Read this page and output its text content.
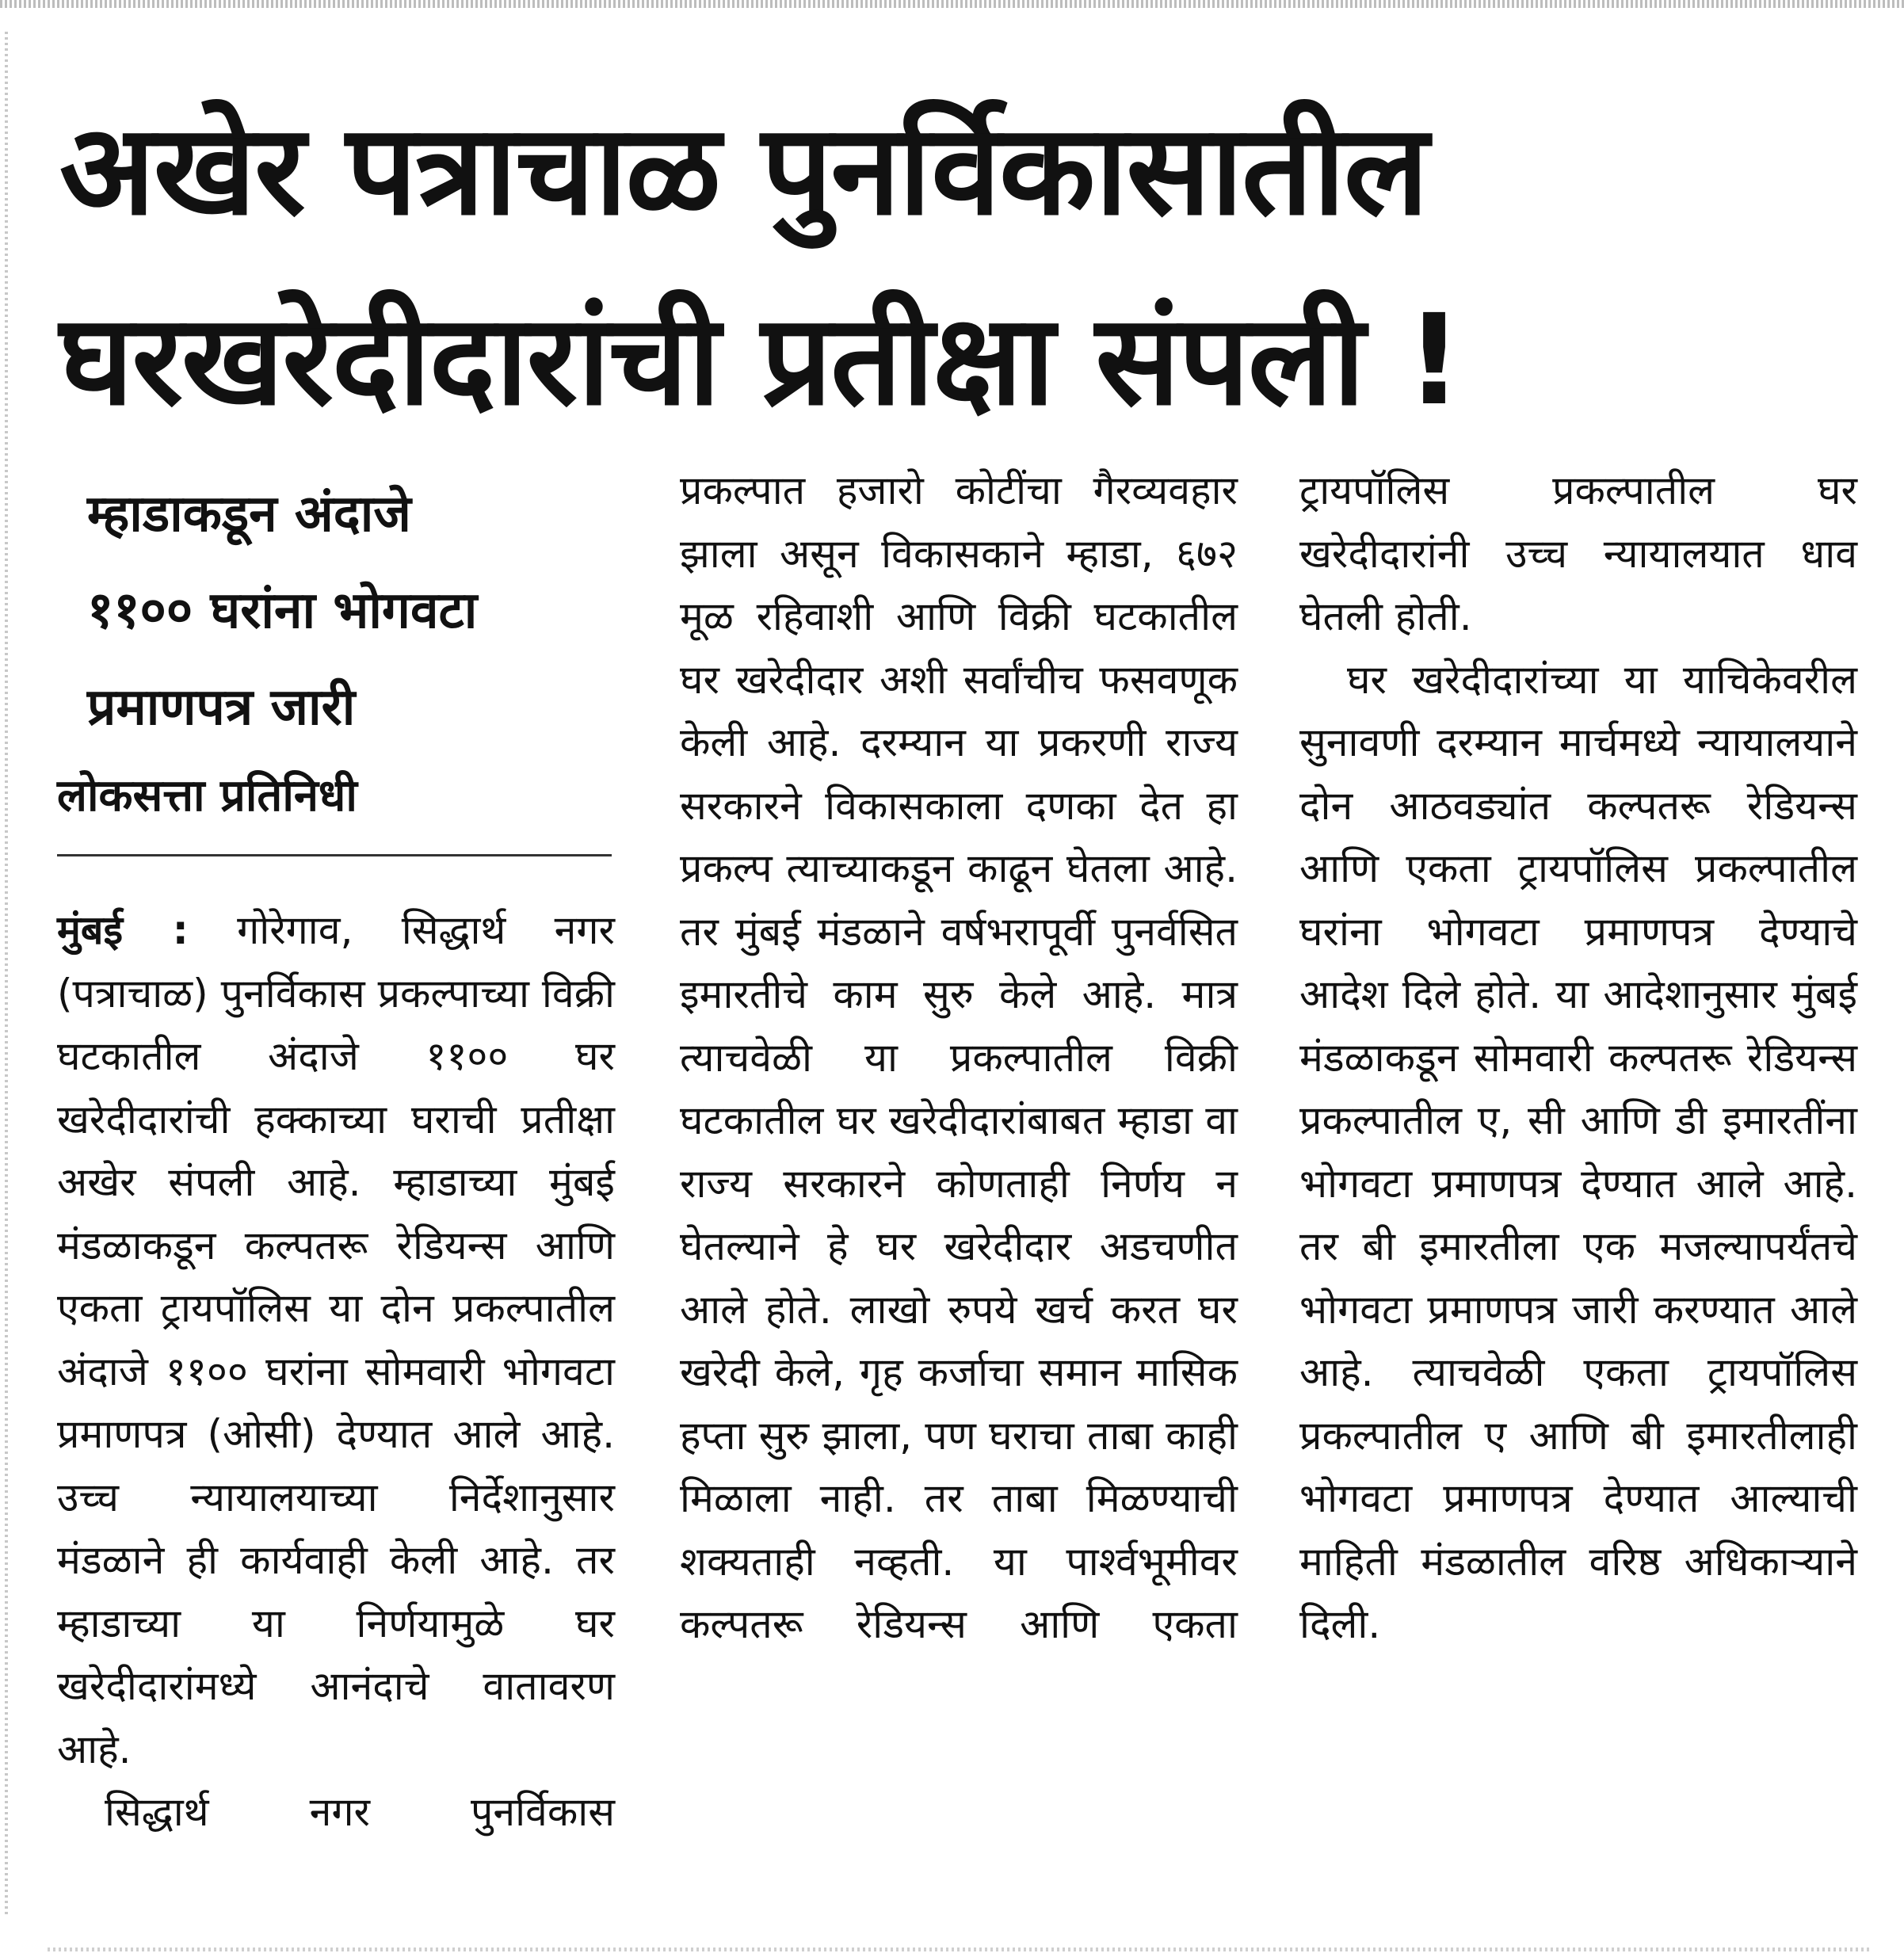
अखेर पत्राचाळ पुनर्विकासातील
घरखरेदीदारांची प्रतीक्षा संपली !
म्हाडाकडून अंदाजे
११०० घरांना भोगवटा
प्रमाणपत्र जारी
लोकसत्ता प्रतिनिधी

मुंबई : गोरेगाव, सिद्धार्थ नगर (पत्राचाळ) पुनर्विकास प्रकल्पाच्या विक्री घटकातील अंदाजे ११०० घर खरेदीदारांची हक्काच्या घराची प्रतीक्षा अखेर संपली आहे. म्हाडाच्या मुंबई मंडळाकडून कल्पतरू रेडियन्स आणि एकता ट्रायपॉलिस या दोन प्रकल्पातील अंदाजे ११०० घरांना सोमवारी भोगवटा प्रमाणपत्र (ओसी) देण्यात आले आहे. उच्च न्यायालयाच्या निर्देशानुसार मंडळाने ही कार्यवाही केली आहे. तर म्हाडाच्या या निर्णयामुळे घर खरेदीदारांमध्ये आनंदाचे वातावरण आहे.

सिद्धार्थ नगर पुनर्विकास

प्रकल्पात हजारो कोटींचा गैरव्यवहार झाला असून विकासकाने म्हाडा, ६७२ मूळ रहिवाशी आणि विक्री घटकातील घर खरेदीदार अशी सर्वांचीच फसवणूक केली आहे. दरम्यान या प्रकरणी राज्य सरकारने विकासकाला दणका देत हा प्रकल्प त्याच्याकडून काढून घेतला आहे. तर मुंबई मंडळाने वर्षभरापूर्वी पुनर्वसित इमारतीचे काम सुरु केले आहे. मात्र त्याचवेळी या प्रकल्पातील विक्री घटकातील घर खरेदीदारांबाबत म्हाडा वा राज्य सरकारने कोणताही निर्णय न घेतल्याने हे घर खरेदीदार अडचणीत आले होते. लाखो रुपये खर्च करत घर खरेदी केले, गृह कर्जाचा समान मासिक हप्ता सुरु झाला, पण घराचा ताबा काही मिळाला नाही. तर ताबा मिळण्याची शक्यताही नव्हती. या पार्श्वभूमीवर कल्पतरू रेडियन्स आणि एकता

ट्रायपॉलिस प्रकल्पातील घर खरेदीदारांनी उच्च न्यायालयात धाव घेतली होती.

घर खरेदीदारांच्या या याचिकेवरील सुनावणी दरम्यान मार्चमध्ये न्यायालयाने दोन आठवड्यांत कल्पतरू रेडियन्स आणि एकता ट्रायपॉलिस प्रकल्पातील घरांना भोगवटा प्रमाणपत्र देण्याचे आदेश दिले होते. या आदेशानुसार मुंबई मंडळाकडून सोमवारी कल्पतरू रेडियन्स प्रकल्पातील ए, सी आणि डी इमारतींना भोगवटा प्रमाणपत्र देण्यात आले आहे. तर बी इमारतीला एक मजल्यापर्यंतचे भोगवटा प्रमाणपत्र जारी करण्यात आले आहे. त्याचवेळी एकता ट्रायपॉलिस प्रकल्पातील ए आणि बी इमारतीलाही भोगवटा प्रमाणपत्र देण्यात आल्याची माहिती मंडळातील वरिष्ठ अधिकाऱ्याने दिली.
